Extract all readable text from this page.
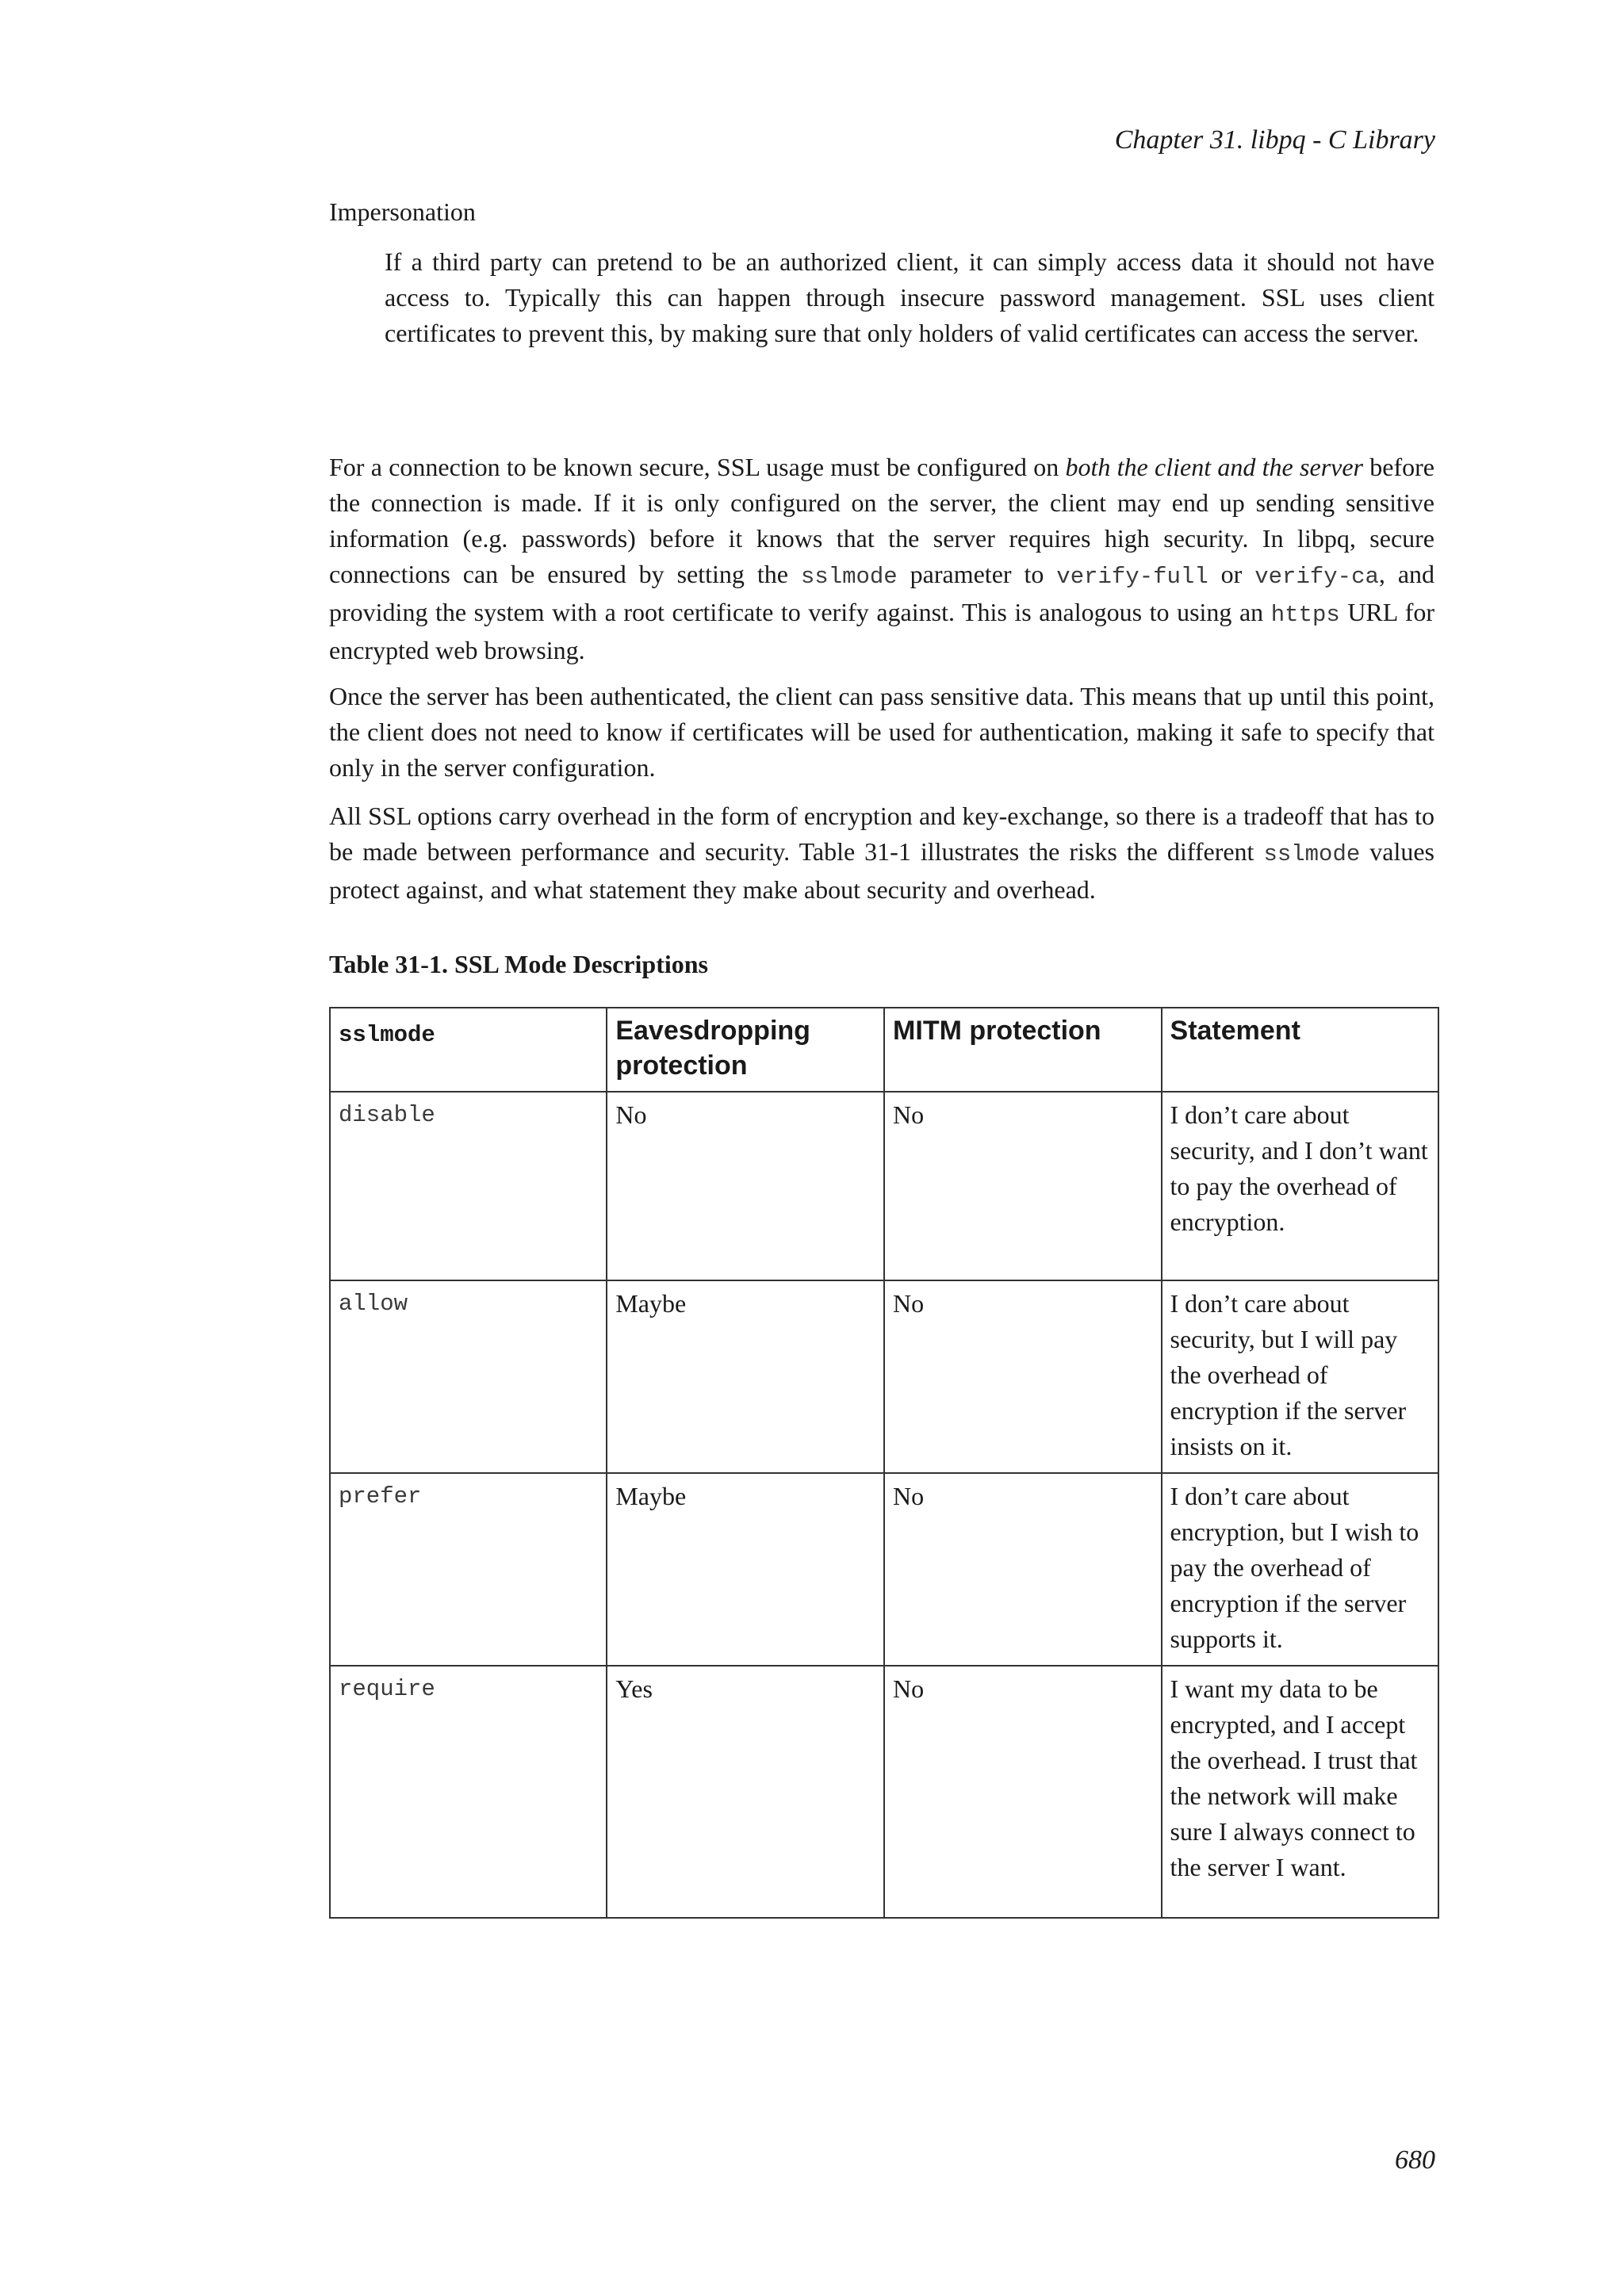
Chapter 31. libpq - C Library
Impersonation
If a third party can pretend to be an authorized client, it can simply access data it should not have access to. Typically this can happen through insecure password management. SSL uses client certificates to prevent this, by making sure that only holders of valid certificates can access the server.

For a connection to be known secure, SSL usage must be configured on both the client and the server before the connection is made. If it is only configured on the server, the client may end up sending sensitive information (e.g. passwords) before it knows that the server requires high security. In libpq, secure connections can be ensured by setting the sslmode parameter to verify-full or verify-ca, and providing the system with a root certificate to verify against. This is analogous to using an https URL for encrypted web browsing.

Once the server has been authenticated, the client can pass sensitive data. This means that up until this point, the client does not need to know if certificates will be used for authentication, making it safe to specify that only in the server configuration.

All SSL options carry overhead in the form of encryption and key-exchange, so there is a tradeoff that has to be made between performance and security. Table 31-1 illustrates the risks the different sslmode values protect against, and what statement they make about security and overhead.

Table 31-1. SSL Mode Descriptions
sslmode	Eavesdropping protection	MITM protection	Statement
disable	No	No	I don’t care about security, and I don’t want to pay the overhead of encryption.
allow	Maybe	No	I don’t care about security, but I will pay the overhead of encryption if the server insists on it.
prefer	Maybe	No	I don’t care about encryption, but I wish to pay the overhead of encryption if the server supports it.
require	Yes	No	I want my data to be encrypted, and I accept the overhead. I trust that the network will make sure I always connect to the server I want.
680
